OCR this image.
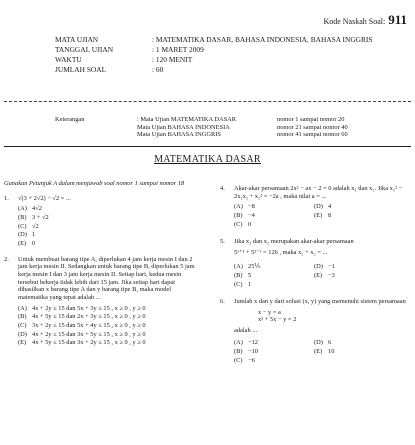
Kode Naskah Soal: 911
MATA UJIAN	: MATEMATIKA DASAR, BAHASA INDONESIA, BAHASA INGGRIS
TANGGAL UJIAN	: 1 MARET 2009
WAKTU	: 120 MENIT
JUMLAH SOAL	: 60
Keterangan	: Mata Ujian MATEMATIKA DASAR	nomor 1 sampai nomor 20
Mata Ujian BAHASA INDONESIA	nomor 21 sampai nomor 40
Mata Ujian BAHASA INGGRIS	nomor 41 sampai nomor 60
MATEMATIKA DASAR
Gunakan Petunjuk A dalam menjawab soal nomor 1 sampai nomor 18
1.	√(3 + 2√2) − √2 = ...
(A) 4√2
(B) 3 + √2
(C) √2
(D) 1
(E) 0
2.	Untuk membuat barang tipe A, diperlukan 4 jam kerja mesin I dan 2 jam kerja mesin II. Sedangkan untuk barang tipe B, diperlukan 5 jam kerja mesin I dan 3 jam kerja mesin II. Setiap hari, kedua mesin tersebut bekerja tidak lebih dari 15 jam. Jika setiap hari dapat dihasilkan x barang tipe A dan y barang tipe B, maka model matematika yang tepat adalah ...
(A) 4x + 2y ≤ 15 dan 5x + 3y ≤ 15 , x ≥ 0 , y ≥ 0
(B) 4x + 5y ≤ 15 dan 2x + 3y ≤ 15 , x ≥ 0 , y ≥ 0
(C) 3x + 2y ≤ 15 dan 5x + 4y ≤ 15 , x ≥ 0 , y ≥ 0
(D) 4x + 2y ≤ 15 dan 3x + 5y ≤ 15 , x ≥ 0 , y ≥ 0
(E) 4x + 5y ≤ 15 dan 3x + 2y ≤ 15 , x ≥ 0 , y ≥ 0
4.	Akar-akar persamaan 2x² − ax − 2 = 0 adalah x₁ dan x₂. Jika x₁² − 2x₁x₂ + x₂² = −2a , maka nilai a = ...
(A) −8	(D) 4
(B) −4	(E) 8
(C) 0
5.	Jika x₁ dan x₂ merupakan akar-akar persamaan
5ˣ⁺¹ + 5²⁻ˣ = 126 , maka x₁ + x₂ = ...
(A) 25⅕	(D) −1
(B) 5	(E) −3
(C) 1
6.	Jumlah x dan y dari solusi (x, y) yang memenuhi sistem persamaan
x − y = a
x² + 5x − y = 2
adalah ...
(A) −12	(D) 6
(B) −10	(E) 10
(C) −6
